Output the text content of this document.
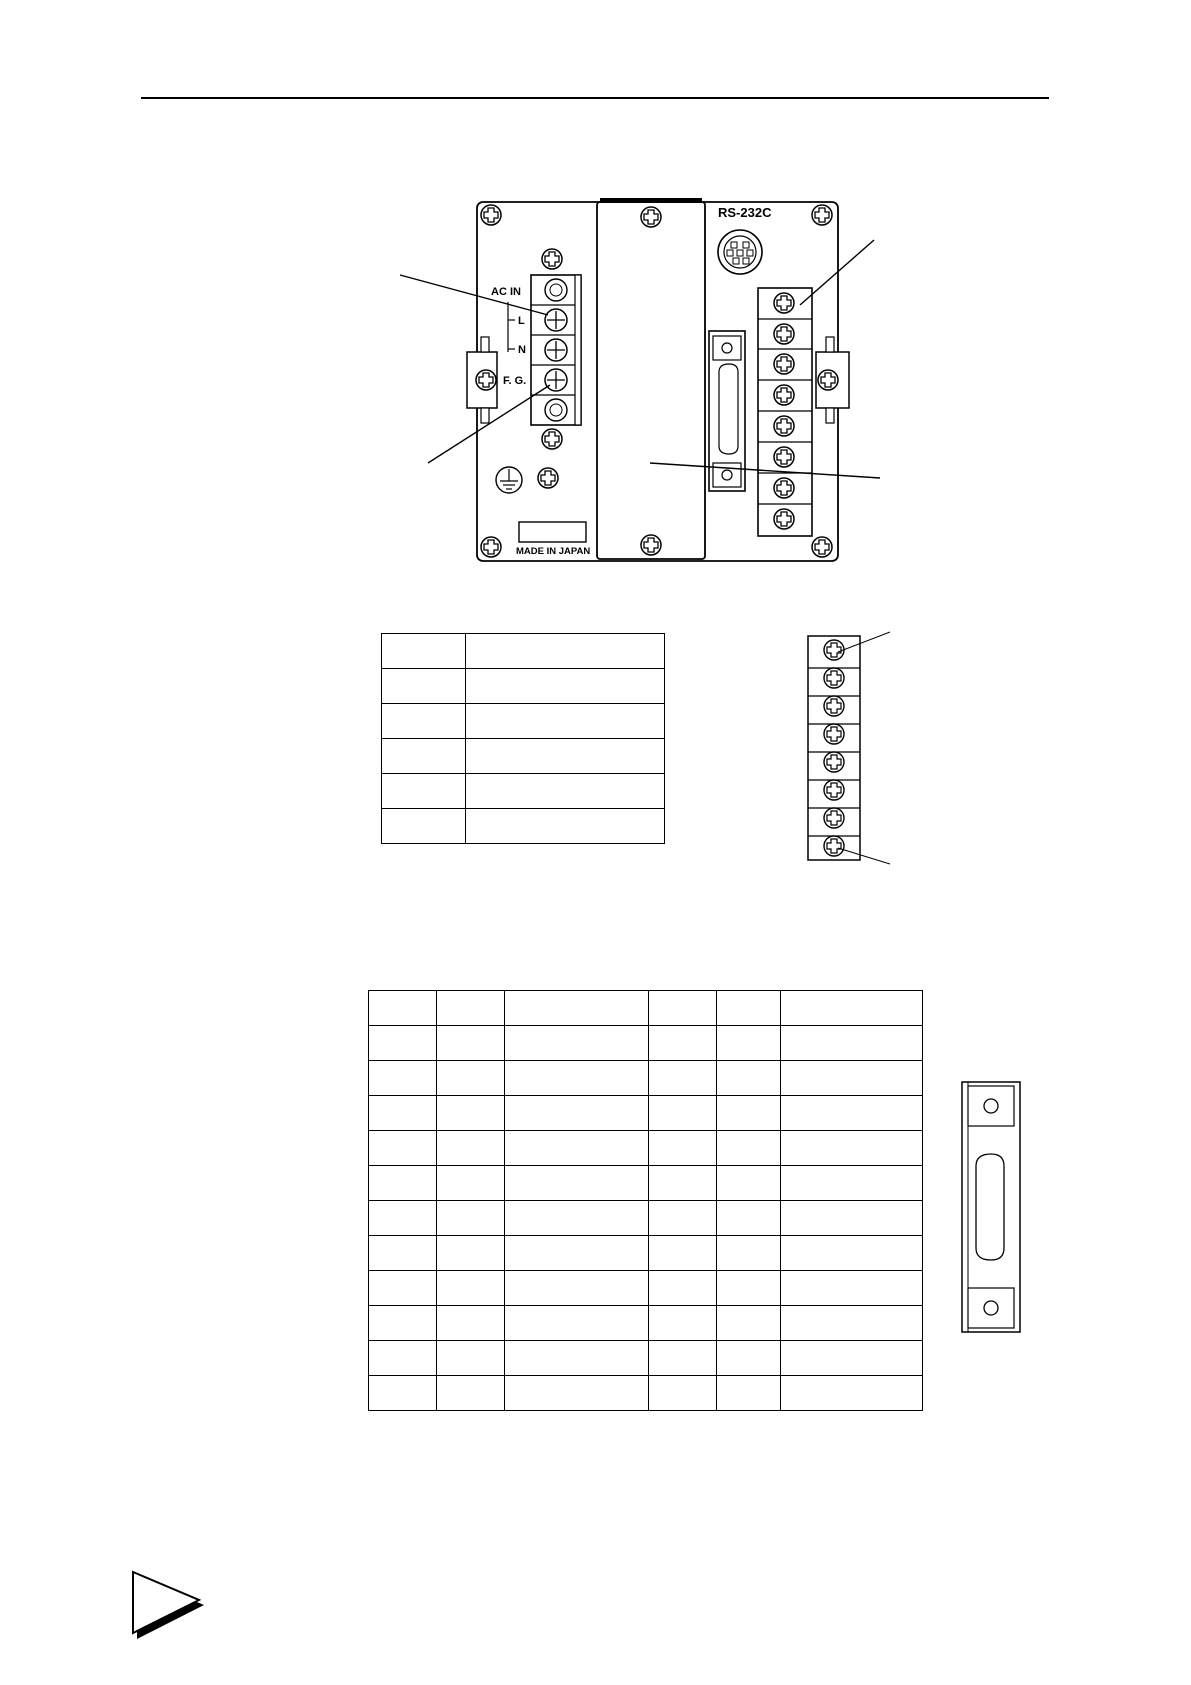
AC IN
L
N
F. G.
MADE IN JAPAN
RS-232C
